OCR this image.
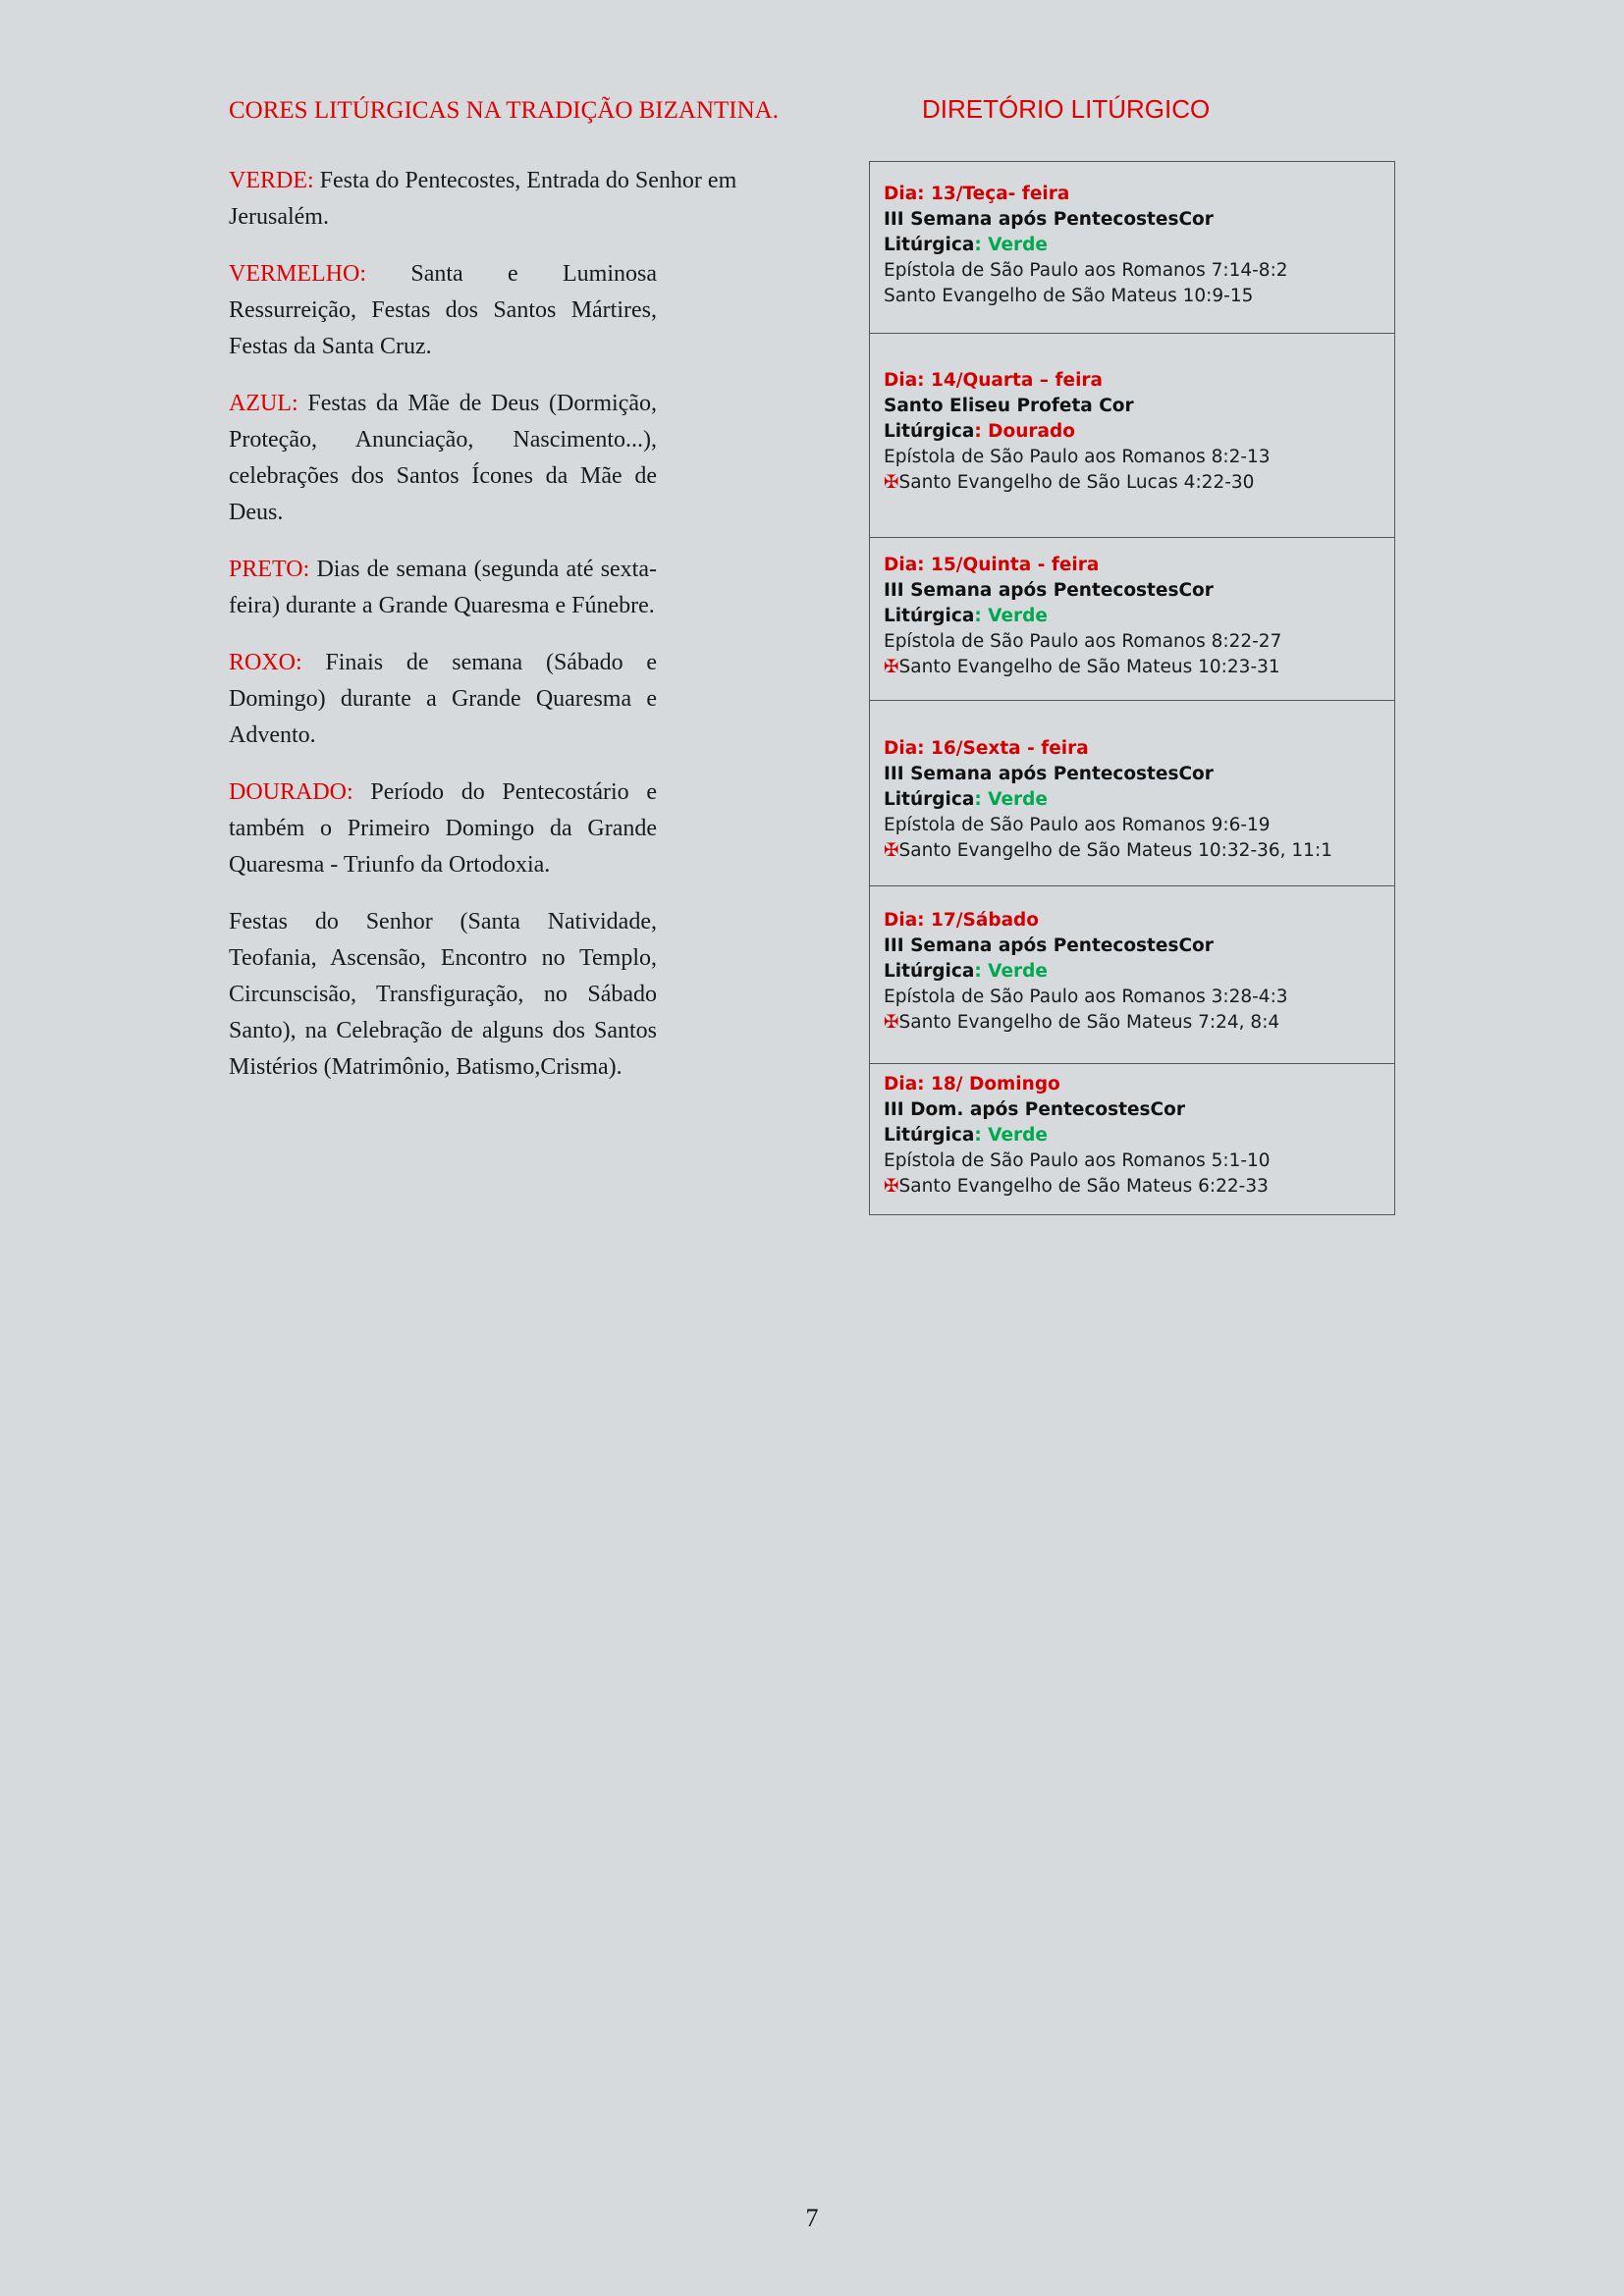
CORES LITÚRGICAS NA TRADIÇÃO BIZANTINA.

VERDE: Festa do Pentecostes, Entrada do Senhor em Jerusalém.

VERMELHO: Santa e Luminosa Ressurreição, Festas dos Santos Mártires, Festas da Santa Cruz.

AZUL: Festas da Mãe de Deus (Dormição, Proteção, Anunciação, Nascimento...), celebrações dos Santos Ícones da Mãe de Deus.

PRETO: Dias de semana (segunda até sexta-feira) durante a Grande Quaresma e Fúnebre.

ROXO: Finais de semana (Sábado e Domingo) durante a Grande Quaresma e Advento.

DOURADO: Período do Pentecostário e também o Primeiro Domingo da Grande Quaresma - Triunfo da Ortodoxia.

Festas do Senhor (Santa Natividade, Teofania, Ascensão, Encontro no Templo, Circunscisão, Transfiguração, no Sábado Santo), na Celebração de alguns dos Santos Mistérios (Matrimônio, Batismo,Crisma).

DIRETÓRIO LITÚRGICO
Dia: 13/Teça- feira
III Semana após PentecostesCor
Litúrgica: Verde
Epístola de São Paulo aos Romanos 7:14-8:2
Santo Evangelho de São Mateus 10:9-15
Dia: 14/Quarta – feira
Santo Eliseu Profeta Cor
Litúrgica: Dourado
Epístola de São Paulo aos Romanos 8:2-13
✠Santo Evangelho de São Lucas 4:22-30
Dia: 15/Quinta - feira
III Semana após PentecostesCor
Litúrgica: Verde
Epístola de São Paulo aos Romanos 8:22-27
✠Santo Evangelho de São Mateus 10:23-31
Dia: 16/Sexta - feira
III Semana após PentecostesCor
Litúrgica: Verde
Epístola de São Paulo aos Romanos 9:6-19
✠Santo Evangelho de São Mateus 10:32-36, 11:1
Dia: 17/Sábado
III Semana após PentecostesCor
Litúrgica: Verde
Epístola de São Paulo aos Romanos 3:28-4:3
✠Santo Evangelho de São Mateus 7:24, 8:4
Dia: 18/ Domingo
III Dom. após PentecostesCor
Litúrgica: Verde
Epístola de São Paulo aos Romanos 5:1-10
✠Santo Evangelho de São Mateus 6:22-33
7
